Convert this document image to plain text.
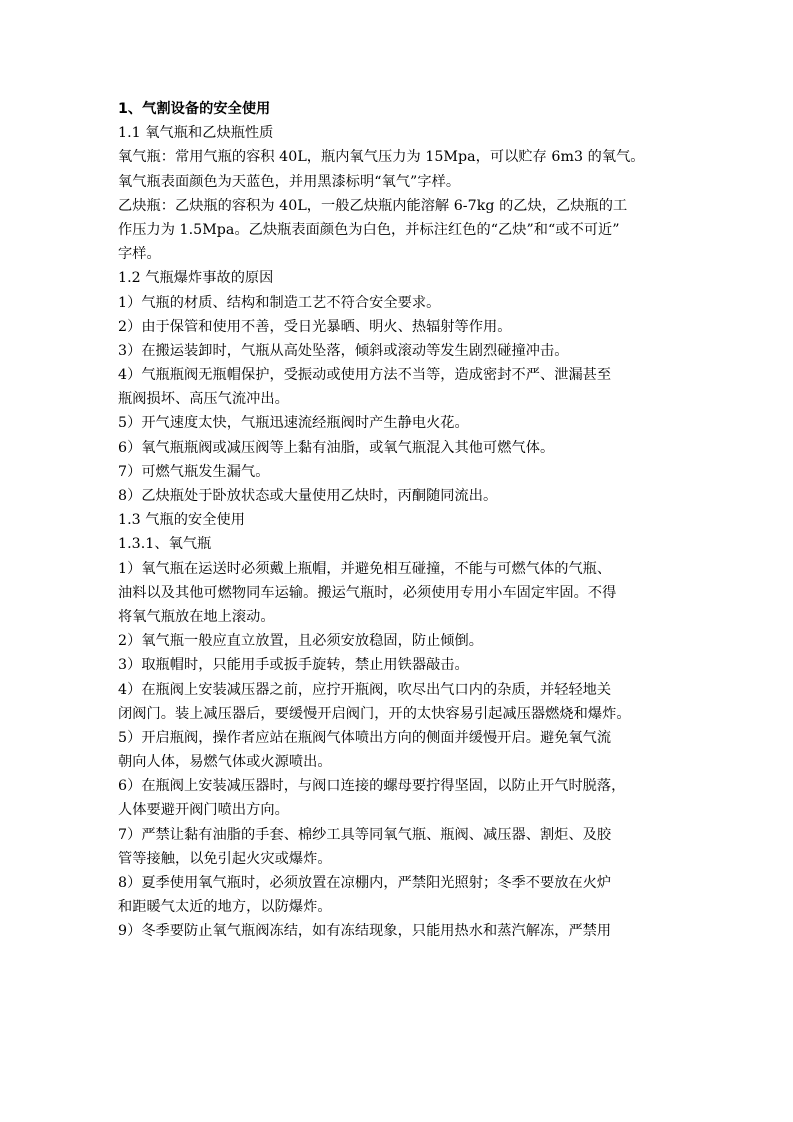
1、气割设备的安全使用
1.1 氧气瓶和乙炔瓶性质
氧气瓶：常用气瓶的容积 40L，瓶内氧气压力为 15Mpa，可以贮存 6m3 的氧气。
氧气瓶表面颜色为天蓝色，并用黑漆标明“氧气”字样。
乙炔瓶：乙炔瓶的容积为 40L，一般乙炔瓶内能溶解 6-7kg 的乙炔，乙炔瓶的工
作压力为 1.5Mpa。乙炔瓶表面颜色为白色，并标注红色的“乙炔”和“或不可近”
字样。
1.2 气瓶爆炸事故的原因
1）气瓶的材质、结构和制造工艺不符合安全要求。
2）由于保管和使用不善，受日光暴晒、明火、热辐射等作用。
3）在搬运装卸时，气瓶从高处坠落，倾斜或滚动等发生剧烈碰撞冲击。
4）气瓶瓶阀无瓶帽保护，受振动或使用方法不当等，造成密封不严、泄漏甚至
瓶阀损坏、高压气流冲出。
5）开气速度太快，气瓶迅速流经瓶阀时产生静电火花。
6）氧气瓶瓶阀或减压阀等上黏有油脂，或氧气瓶混入其他可燃气体。
7）可燃气瓶发生漏气。
8）乙炔瓶处于卧放状态或大量使用乙炔时，丙酮随同流出。
1.3 气瓶的安全使用
1.3.1、氧气瓶
1）氧气瓶在运送时必须戴上瓶帽，并避免相互碰撞，不能与可燃气体的气瓶、
油料以及其他可燃物同车运输。搬运气瓶时，必须使用专用小车固定牢固。不得
将氧气瓶放在地上滚动。
2）氧气瓶一般应直立放置，且必须安放稳固，防止倾倒。
3）取瓶帽时，只能用手或扳手旋转，禁止用铁器敲击。
4）在瓶阀上安装减压器之前，应拧开瓶阀，吹尽出气口内的杂质，并轻轻地关
闭阀门。装上减压器后，要缓慢开启阀门，开的太快容易引起减压器燃烧和爆炸。
5）开启瓶阀，操作者应站在瓶阀气体喷出方向的侧面并缓慢开启。避免氧气流
朝向人体，易燃气体或火源喷出。
6）在瓶阀上安装减压器时，与阀口连接的螺母要拧得坚固，以防止开气时脱落，
人体要避开阀门喷出方向。
7）严禁让黏有油脂的手套、棉纱工具等同氧气瓶、瓶阀、减压器、割炬、及胶
管等接触，以免引起火灾或爆炸。
8）夏季使用氧气瓶时，必须放置在凉棚内，严禁阳光照射；冬季不要放在火炉
和距暖气太近的地方，以防爆炸。
9）冬季要防止氧气瓶阀冻结，如有冻结现象，只能用热水和蒸汽解冻，严禁用
